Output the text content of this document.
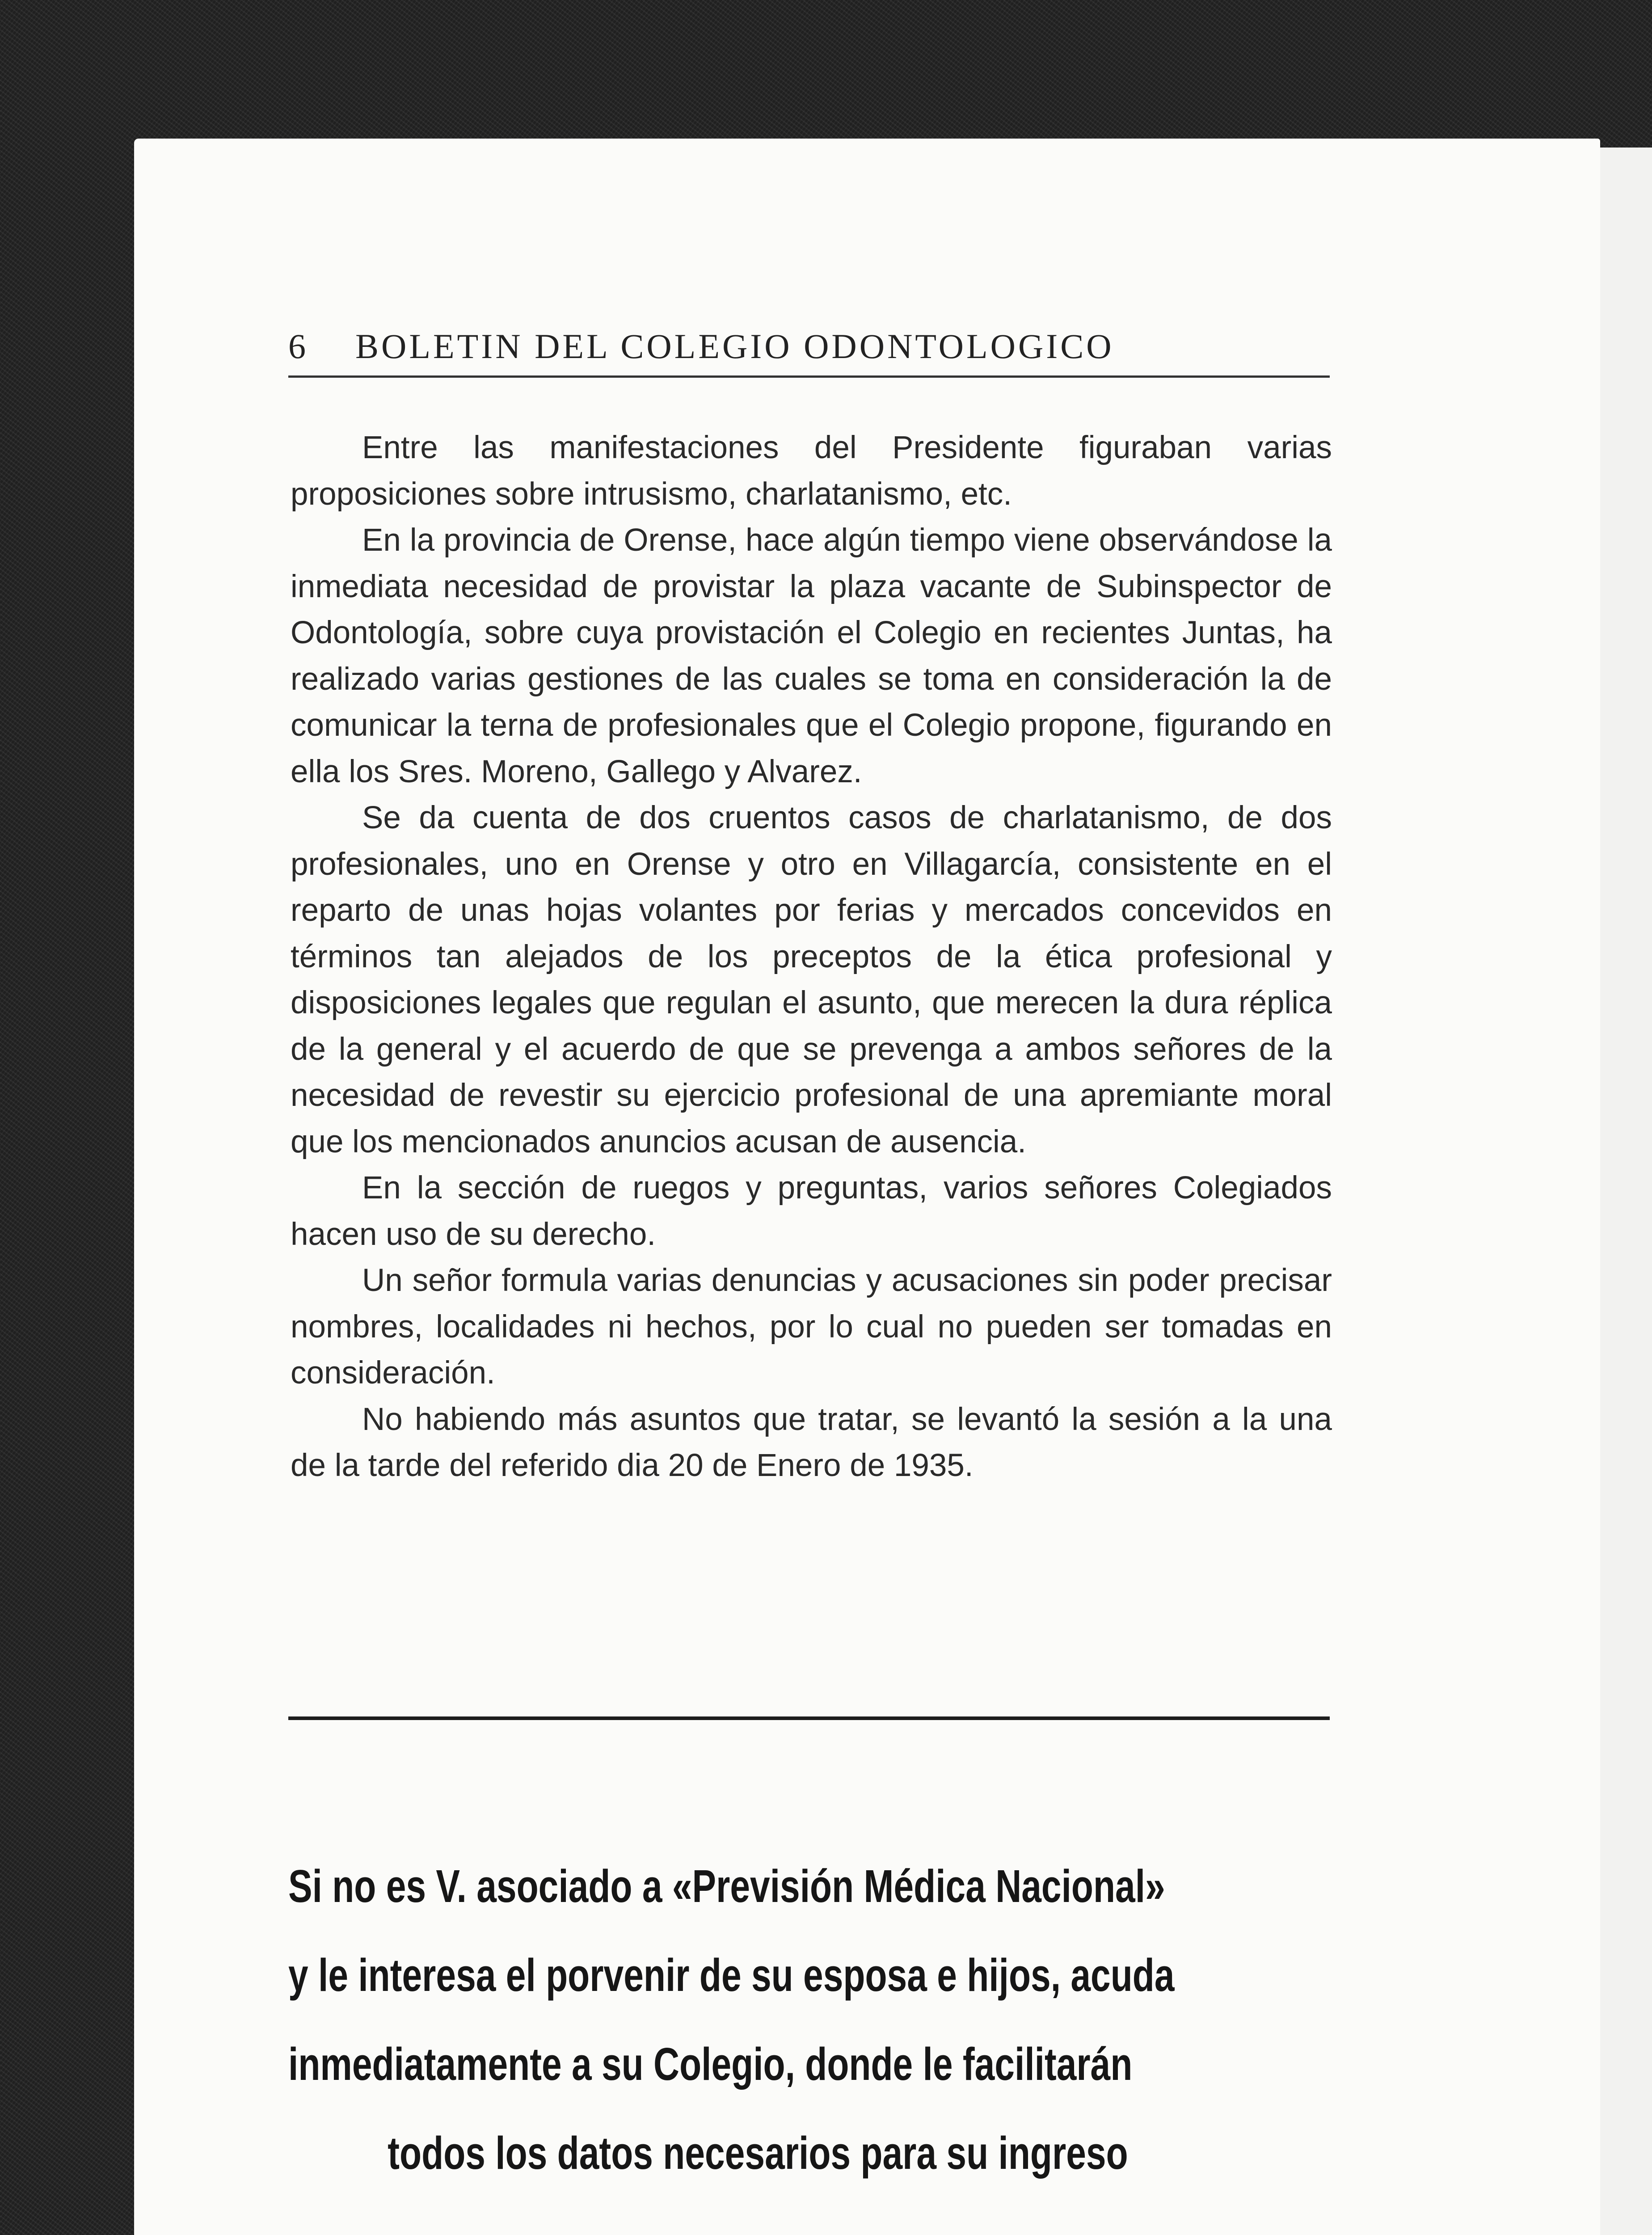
6 BOLETIN DEL COLEGIO ODONTOLOGICO

Entre las manifestaciones del Presidente figuraban varias proposiciones sobre intrusismo, charlatanismo, etc.

En la provincia de Orense, hace algún tiempo viene observándose la inmediata necesidad de provistar la plaza vacante de Subinspector de Odontología, sobre cuya provistación el Colegio en recientes Juntas, ha realizado varias gestiones de las cuales se toma en consideración la de comunicar la terna de profesionales que el Colegio propone, figurando en ella los Sres. Moreno, Gallego y Alvarez.

Se da cuenta de dos cruentos casos de charlatanismo, de dos profesionales, uno en Orense y otro en Villagarcía, consistente en el reparto de unas hojas volantes por ferias y mercados concevidos en términos tan alejados de los preceptos de la ética profesional y disposiciones legales que regulan el asunto, que merecen la dura réplica de la general y el acuerdo de que se prevenga a ambos señores de la necesidad de revestir su ejercicio profesional de una apremiante moral que los mencionados anuncios acusan de ausencia.

En la sección de ruegos y preguntas, varios señores Colegiados hacen uso de su derecho.

Un señor formula varias denuncias y acusaciones sin poder precisar nombres, localidades ni hechos, por lo cual no pueden ser tomadas en consideración.

No habiendo más asuntos que tratar, se levantó la sesión a la una de la tarde del referido dia 20 de Enero de 1935.

Si no es V. asociado a «Previsión Médica Nacional»
y le interesa el porvenir de su esposa e hijos, acuda
inmediatamente a su Colegio, donde le facilitarán
todos los datos necesarios para su ingreso
